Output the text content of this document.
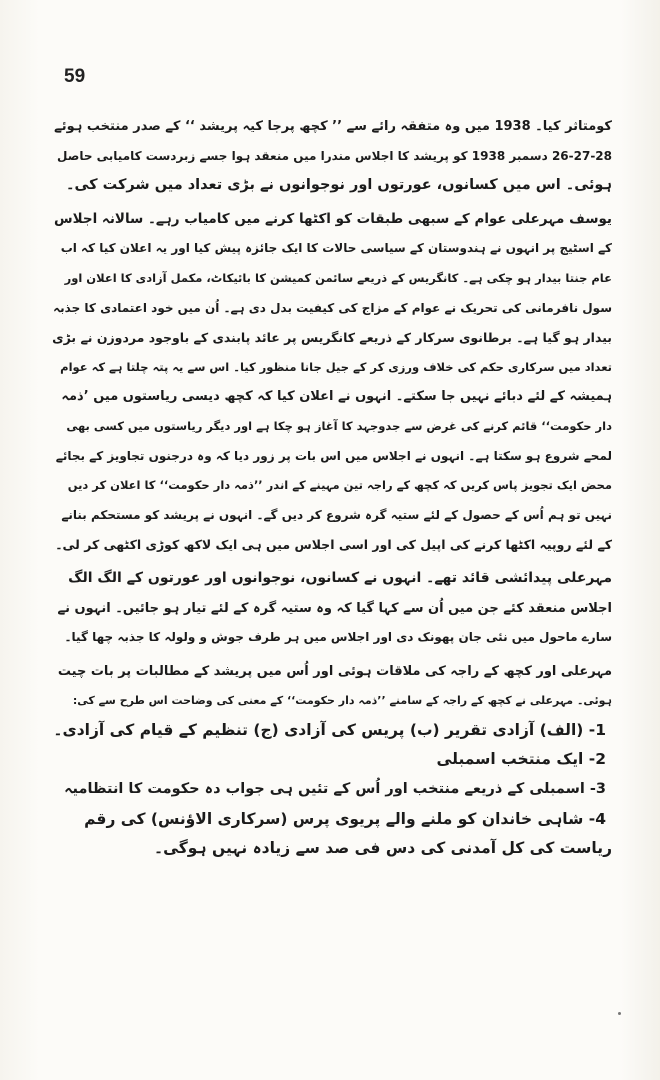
59
کومتاثر کیا۔ 1938 میں وہ متفقہ رائے سے ’’ کچھ پرجا کیہ پریشد ‘‘ کے صدر منتخب ہوئے
26-27-28 دسمبر 1938 کو پریشد کا اجلاس مندرا میں منعقد ہوا جسے زبردست کامیابی حاصل
ہوئی۔ اس میں کسانوں، عورتوں اور نوجوانوں نے بڑی تعداد میں شرکت کی۔
یوسف مہرعلی عوام کے سبھی طبقات کو اکٹھا کرنے میں کامیاب رہے۔ سالانہ اجلاس
کے اسٹیج پر انہوں نے ہندوستان کے سیاسی حالات کا ایک جائزہ پیش کیا اور یہ اعلان کیا کہ اب
عام جنتا بیدار ہو چکی ہے۔ کانگریس کے ذریعے سائمن کمیشن کا بائیکاٹ، مکمل آزادی کا اعلان اور
سول نافرمانی کی تحریک نے عوام کے مزاج کی کیفیت بدل دی ہے۔ اُن میں خود اعتمادی کا جذبہ
بیدار ہو گیا ہے۔ برطانوی سرکار کے ذریعے کانگریس پر عائد پابندی کے باوجود مردوزن نے بڑی
تعداد میں سرکاری حکم کی خلاف ورزی کر کے جیل جانا منظور کیا۔ اس سے یہ پتہ چلتا ہے کہ عوام
ہمیشہ کے لئے دبائے نہیں جا سکتے۔ انہوں نے اعلان کیا کہ کچھ دیسی ریاستوں میں ’ذمہ
دار حکومت‘‘ قائم کرنے کی غرض سے جدوجہد کا آغاز ہو چکا ہے اور دیگر ریاستوں میں کسی بھی
لمحے شروع ہو سکتا ہے۔ انہوں نے اجلاس میں اس بات پر زور دیا کہ وہ درجنوں تجاویز کے بجائے
محض ایک تجویز پاس کریں کہ کچھ کے راجہ تین مہینے کے اندر ’’ذمہ دار حکومت‘‘ کا اعلان کر دیں
نہیں تو ہم اُس کے حصول کے لئے ستیہ گرہ شروع کر دیں گے۔ انہوں نے پریشد کو مستحکم بنانے
کے لئے روپیہ اکٹھا کرنے کی اپیل کی اور اسی اجلاس میں ہی ایک لاکھ کوڑی اکٹھی کر لی۔
مہرعلی پیدائشی قائد تھے۔ انہوں نے کسانوں، نوجوانوں اور عورتوں کے الگ الگ
اجلاس منعقد کئے جن میں اُن سے کہا گیا کہ وہ ستیہ گرہ کے لئے تیار ہو جائیں۔ انہوں نے
سارے ماحول میں نئی جان پھونک دی اور اجلاس میں ہر طرف جوش و ولولہ کا جذبہ چھا گیا۔
مہرعلی اور کچھ کے راجہ کی ملاقات ہوئی اور اُس میں پریشد کے مطالبات پر بات چیت
ہوئی۔ مہرعلی نے کچھ کے راجہ کے سامنے ’’ذمہ دار حکومت‘‘ کے معنی کی وضاحت اس طرح سے کی:
1- (الف) آزادی تقریر (ب) پریس کی آزادی (ج) تنظیم کے قیام کی آزادی۔
2- ایک منتخب اسمبلی
3- اسمبلی کے ذریعے منتخب اور اُس کے تئیں ہی جواب دہ حکومت کا انتظامیہ
4- شاہی خاندان کو ملنے والے پریوی پرس (سرکاری الاؤنس) کی رقم
ریاست کی کل آمدنی کی دس فی صد سے زیادہ نہیں ہوگی۔
